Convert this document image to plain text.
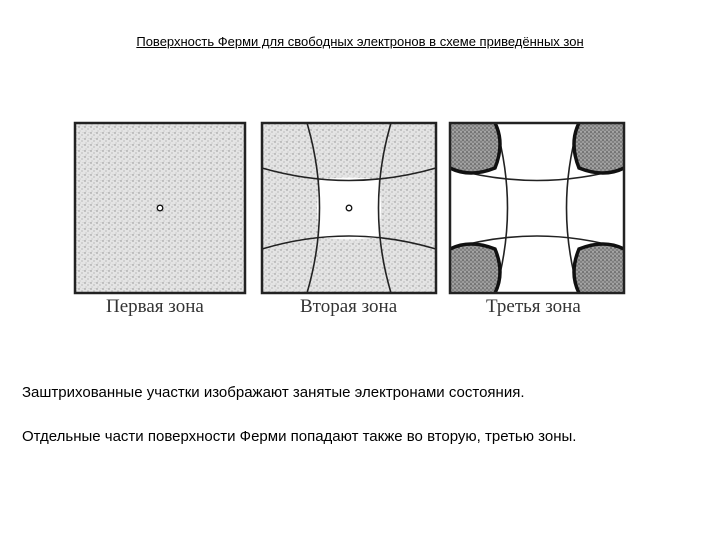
Поверхность Ферми для свободных электронов в схеме приведённых зон
Первая зона	Вторая зона	Третья зона
Заштрихованные участки изображают занятые электронами состояния.
Отдельные части поверхности Ферми попадают также во вторую, третью зоны.
